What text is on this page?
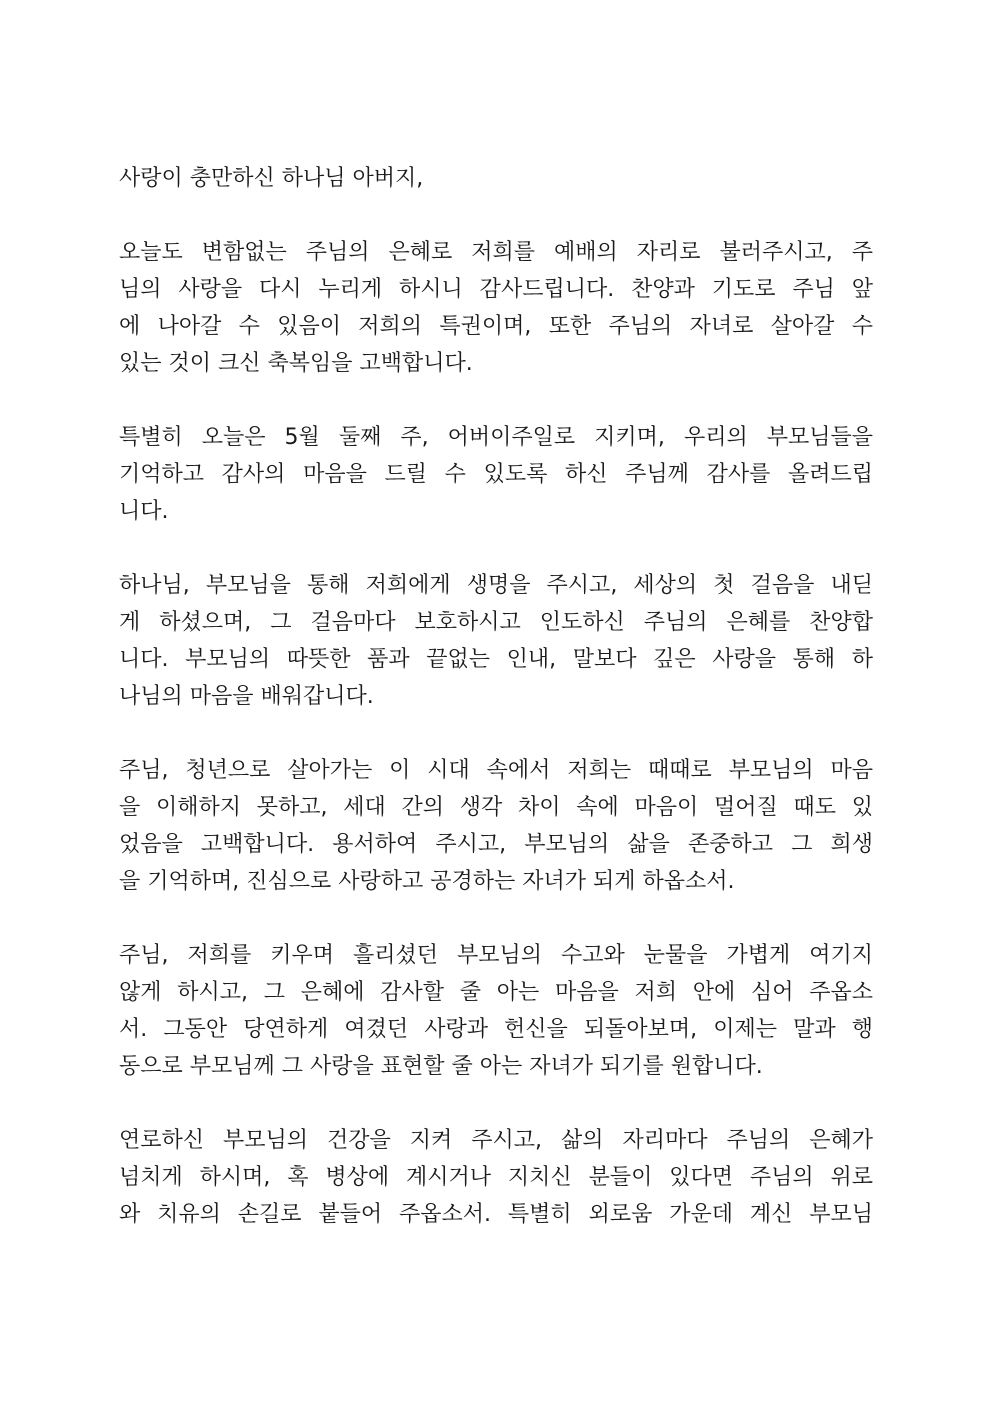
사랑이 충만하신 하나님 아버지,
오늘도 변함없는 주님의 은혜로 저희를 예배의 자리로 불러주시고, 주
님의 사랑을 다시 누리게 하시니 감사드립니다. 찬양과 기도로 주님 앞
에 나아갈 수 있음이 저희의 특권이며, 또한 주님의 자녀로 살아갈 수
있는 것이 크신 축복임을 고백합니다.
특별히 오늘은 5월 둘째 주, 어버이주일로 지키며, 우리의 부모님들을
기억하고 감사의 마음을 드릴 수 있도록 하신 주님께 감사를 올려드립
니다.
하나님, 부모님을 통해 저희에게 생명을 주시고, 세상의 첫 걸음을 내딛
게 하셨으며, 그 걸음마다 보호하시고 인도하신 주님의 은혜를 찬양합
니다. 부모님의 따뜻한 품과 끝없는 인내, 말보다 깊은 사랑을 통해 하
나님의 마음을 배워갑니다.
주님, 청년으로 살아가는 이 시대 속에서 저희는 때때로 부모님의 마음
을 이해하지 못하고, 세대 간의 생각 차이 속에 마음이 멀어질 때도 있
었음을 고백합니다. 용서하여 주시고, 부모님의 삶을 존중하고 그 희생
을 기억하며, 진심으로 사랑하고 공경하는 자녀가 되게 하옵소서.
주님, 저희를 키우며 흘리셨던 부모님의 수고와 눈물을 가볍게 여기지
않게 하시고, 그 은혜에 감사할 줄 아는 마음을 저희 안에 심어 주옵소
서. 그동안 당연하게 여겼던 사랑과 헌신을 되돌아보며, 이제는 말과 행
동으로 부모님께 그 사랑을 표현할 줄 아는 자녀가 되기를 원합니다.
연로하신 부모님의 건강을 지켜 주시고, 삶의 자리마다 주님의 은혜가
넘치게 하시며, 혹 병상에 계시거나 지치신 분들이 있다면 주님의 위로
와 치유의 손길로 붙들어 주옵소서. 특별히 외로움 가운데 계신 부모님
